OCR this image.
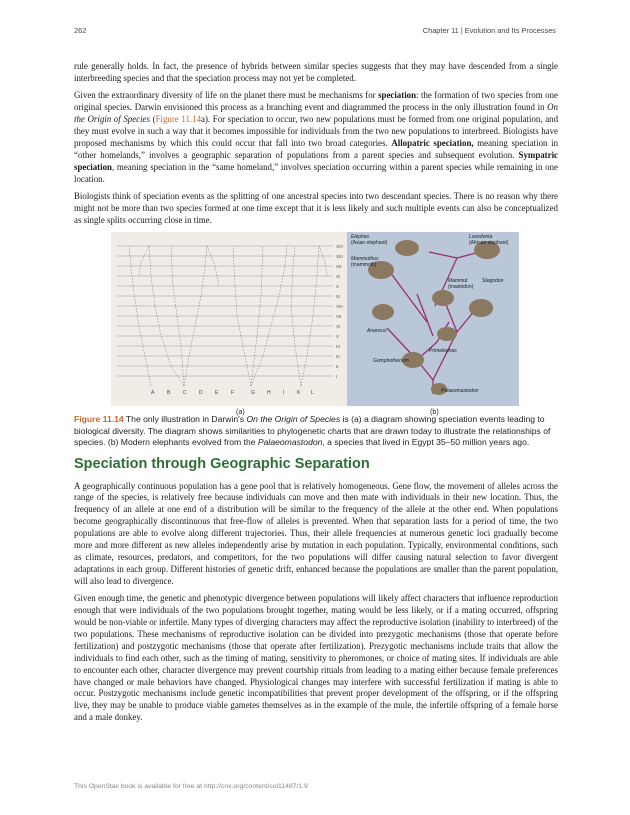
262	Chapter 11 | Evolution and Its Processes

rule generally holds. In fact, the presence of hybrids between similar species suggests that they may have descended from a single interbreeding species and that the speciation process may not yet be completed.

Given the extraordinary diversity of life on the planet there must be mechanisms for speciation: the formation of two species from one original species. Darwin envisioned this process as a branching event and diagrammed the process in the only illustration found in On the Origin of Species (Figure 11.14a). For speciation to occur, two new populations must be formed from one original population, and they must evolve in such a way that it becomes impossible for individuals from the two new populations to interbreed. Biologists have proposed mechanisms by which this could occur that fall into two broad categories. Allopatric speciation, meaning speciation in “other homelands,” involves a geographic separation of populations from a parent species and subsequent evolution. Sympatric speciation, meaning speciation in the “same homeland,” involves speciation occurring within a parent species while remaining in one location.

Biologists think of speciation events as the splitting of one ancestral species into two descendant species. There is no reason why there might not be more than two species formed at one time except that it is less likely and such multiple events can also be conceptualized as single splits occurring close in time.

XIV
XIII
XII
XI
X
IX
VIII
VII
VI
V
IV
III
II
I
A	B	C D E	F	G H I	K L
Elephas
(Asian elephant)
Loxodonta
(African elephant)
Mammuthus
(mammoth)
Mammut
(mastodon)
Stegodon
Anancus
Primelephas
Gomphotherium
Palaeomastodon
(a)	(b)

Figure 11.14 The only illustration in Darwin's On the Origin of Species is (a) a diagram showing speciation events leading to biological diversity. The diagram shows similarities to phylogenetic charts that are drawn today to illustrate the relationships of species. (b) Modern elephants evolved from the Palaeomastodon, a species that lived in Egypt 35–50 million years ago.

Speciation through Geographic Separation

A geographically continuous population has a gene pool that is relatively homogeneous. Gene flow, the movement of alleles across the range of the species, is relatively free because individuals can move and then mate with individuals in their new location. Thus, the frequency of an allele at one end of a distribution will be similar to the frequency of the allele at the other end. When populations become geographically discontinuous that free-flow of alleles is prevented. When that separation lasts for a period of time, the two populations are able to evolve along different trajectories. Thus, their allele frequencies at numerous genetic loci gradually become more and more different as new alleles independently arise by mutation in each population. Typically, environmental conditions, such as climate, resources, predators, and competitors, for the two populations will differ causing natural selection to favor divergent adaptations in each group. Different histories of genetic drift, enhanced because the populations are smaller than the parent population, will also lead to divergence.

Given enough time, the genetic and phenotypic divergence between populations will likely affect characters that influence reproduction enough that were individuals of the two populations brought together, mating would be less likely, or if a mating occurred, offspring would be non-viable or infertile. Many types of diverging characters may affect the reproductive isolation (inability to interbreed) of the two populations. These mechanisms of reproductive isolation can be divided into prezygotic mechanisms (those that operate before fertilization) and postzygotic mechanisms (those that operate after fertilization). Prezygotic mechanisms include traits that allow the individuals to find each other, such as the timing of mating, sensitivity to pheromones, or choice of mating sites. If individuals are able to encounter each other, character divergence may prevent courtship rituals from leading to a mating either because female preferences have changed or male behaviors have changed. Physiological changes may interfere with successful fertilization if mating is able to occur. Postzygotic mechanisms include genetic incompatibilities that prevent proper development of the offspring, or if the offspring live, they may be unable to produce viable gametes themselves as in the example of the mule, the infertile offspring of a female horse and a male donkey.

This OpenStax book is available for free at http://cnx.org/content/col11487/1.9
